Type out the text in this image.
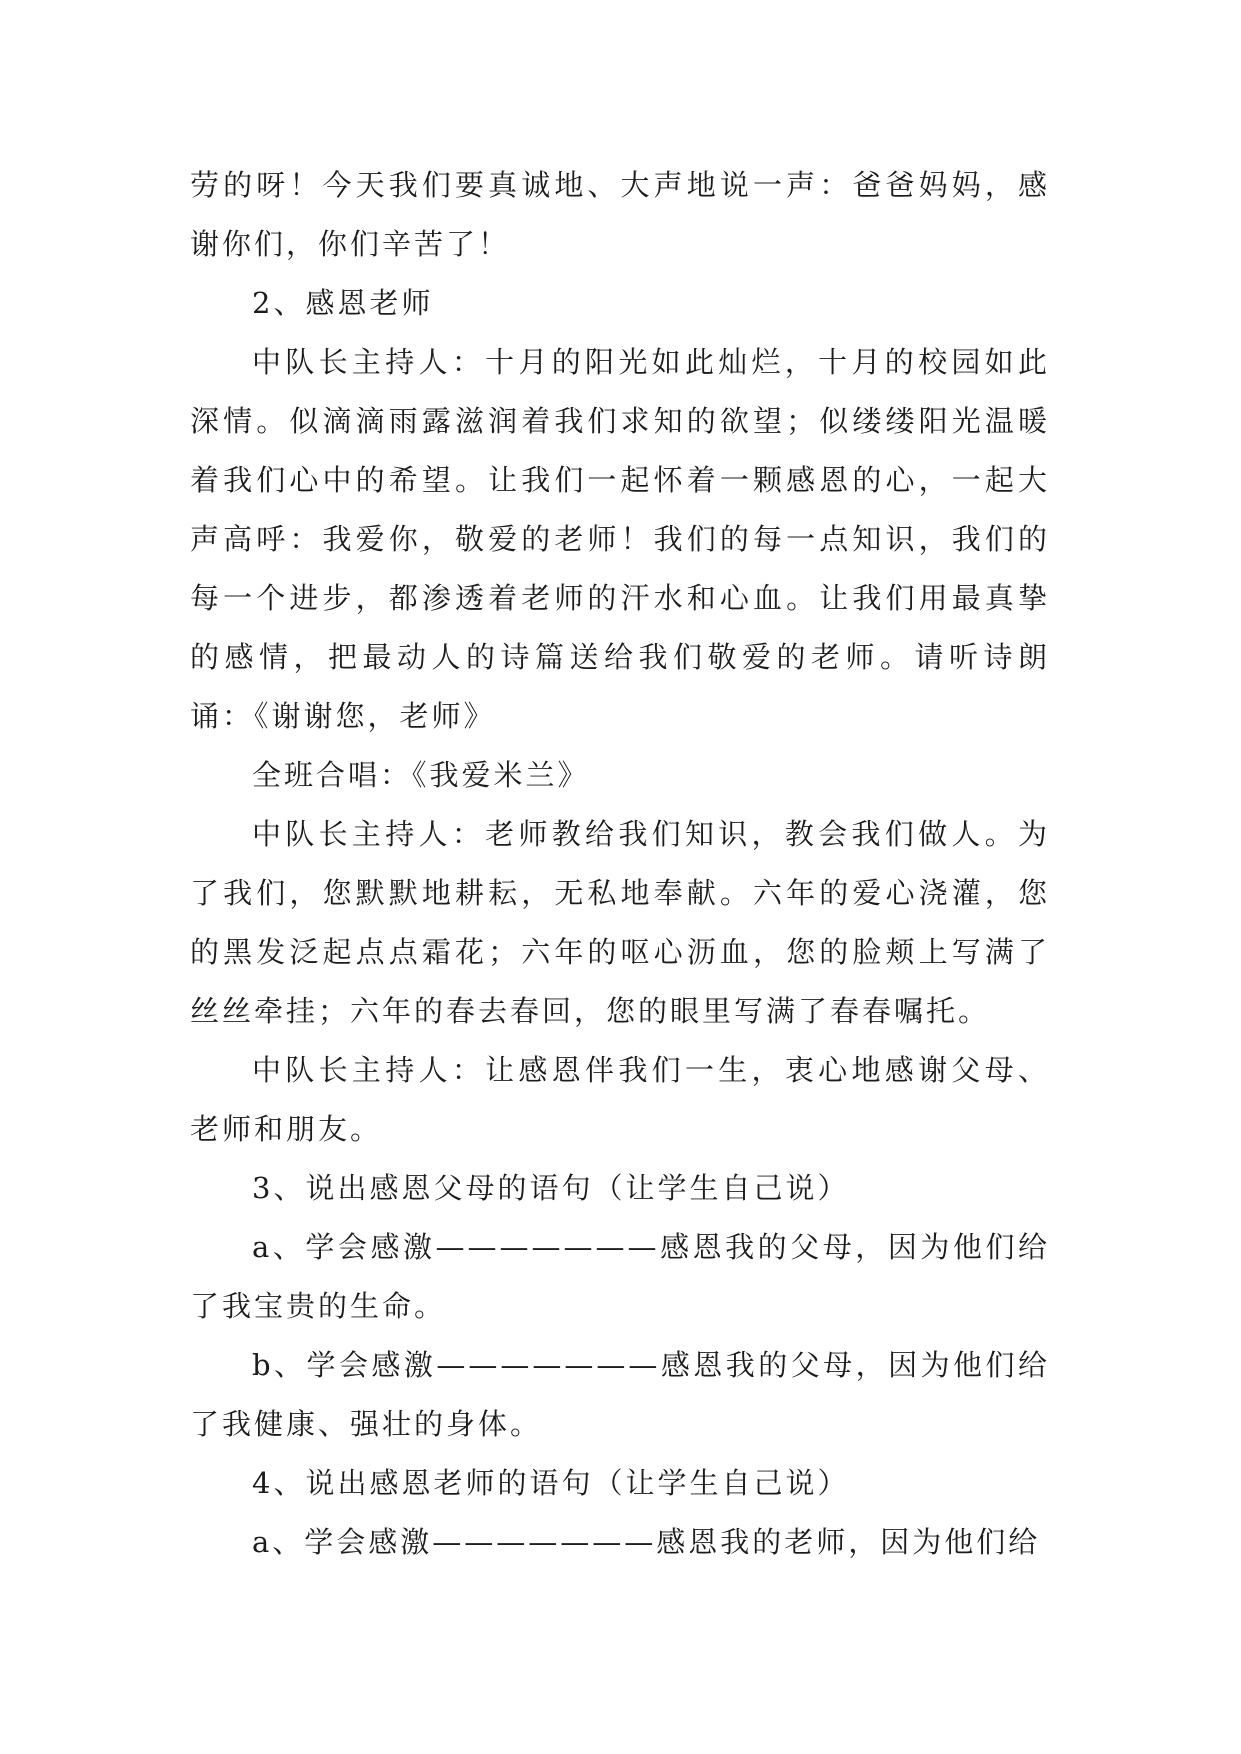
劳的呀！今天我们要真诚地、大声地说一声：爸爸妈妈，感谢你们，你们辛苦了！

2、感恩老师

中队长主持人：十月的阳光如此灿烂，十月的校园如此深情。似滴滴雨露滋润着我们求知的欲望；似缕缕阳光温暖着我们心中的希望。让我们一起怀着一颗感恩的心，一起大声高呼：我爱你，敬爱的老师！我们的每一点知识，我们的每一个进步，都渗透着老师的汗水和心血。让我们用最真挚的感情，把最动人的诗篇送给我们敬爱的老师。请听诗朗诵：《谢谢您，老师》

全班合唱：《我爱米兰》

中队长主持人：老师教给我们知识，教会我们做人。为了我们，您默默地耕耘，无私地奉献。六年的爱心浇灌，您的黑发泛起点点霜花；六年的呕心沥血，您的脸颊上写满了丝丝牵挂；六年的春去春回，您的眼里写满了春春嘱托。

中队长主持人：让感恩伴我们一生，衷心地感谢父母、老师和朋友。

3、说出感恩父母的语句（让学生自己说）

a、学会感激———————感恩我的父母，因为他们给了我宝贵的生命。

b、学会感激———————感恩我的父母，因为他们给了我健康、强壮的身体。

4、说出感恩老师的语句（让学生自己说）

a、学会感激———————感恩我的老师，因为他们给
